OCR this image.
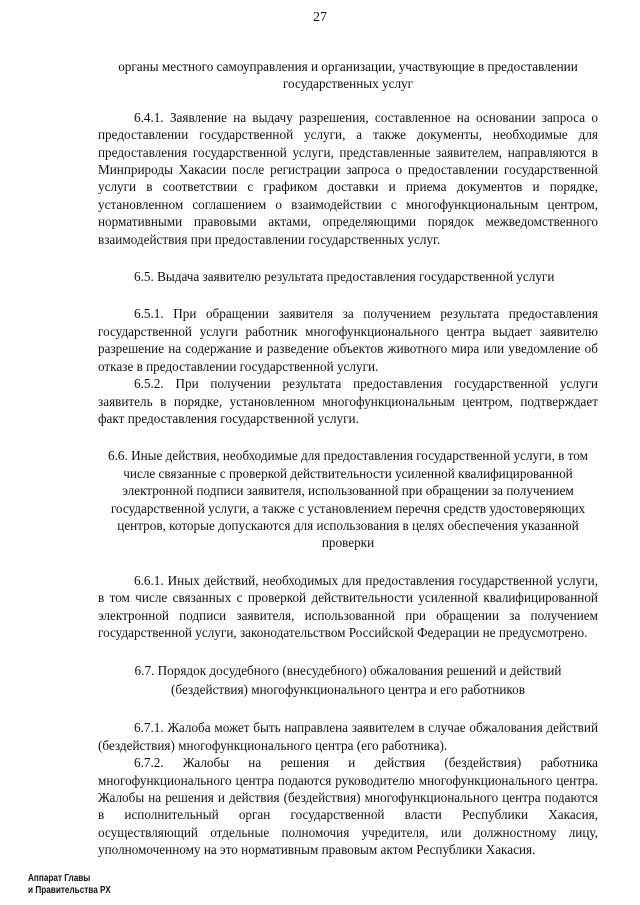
27

органы местного самоуправления и организации, участвующие в предоставлении государственных услуг

6.4.1. Заявление на выдачу разрешения, составленное на основании запроса о предоставлении государственной услуги, а также документы, необходимые для предоставления государственной услуги, представленные заявителем, направляются в Минприроды Хакасии после регистрации запроса о предоставлении государственной услуги в соответствии с графиком доставки и приема документов и порядке, установленном соглашением о взаимодействии с многофункциональным центром, нормативными правовыми актами, определяющими порядок межведомственного взаимодействия при предоставлении государственных услуг.

6.5. Выдача заявителю результата предоставления государственной услуги

6.5.1. При обращении заявителя за получением результата предоставления государственной услуги работник многофункционального центра выдает заявителю разрешение на содержание и разведение объектов животного мира или уведомление об отказе в предоставлении государственной услуги.

6.5.2. При получении результата предоставления государственной услуги заявитель в порядке, установленном многофункциональным центром, подтверждает факт предоставления государственной услуги.

6.6. Иные действия, необходимые для предоставления государственной услуги, в том числе связанные с проверкой действительности усиленной квалифицированной электронной подписи заявителя, использованной при обращении за получением государственной услуги, а также с установлением перечня средств удостоверяющих центров, которые допускаются для использования в целях обеспечения указанной проверки

6.6.1. Иных действий, необходимых для предоставления государственной услуги, в том числе связанных с проверкой действительности усиленной квалифицированной электронной подписи заявителя, использованной при обращении за получением государственной услуги, законодательством Российской Федерации не предусмотрено.

6.7. Порядок досудебного (внесудебного) обжалования решений и действий (бездействия) многофункционального центра и его работников

6.7.1. Жалоба может быть направлена заявителем в случае обжалования действий (бездействия) многофункционального центра (его работника).

6.7.2. Жалобы на решения и действия (бездействия) работника многофункционального центра подаются руководителю многофункционального центра. Жалобы на решения и действия (бездействия) многофункционального центра подаются в исполнительный орган государственной власти Республики Хакасия, осуществляющий отдельные полномочия учредителя, или должностному лицу, уполномоченному на это нормативным правовым актом Республики Хакасия.

Аппарат Главы
и Правительства РХ
